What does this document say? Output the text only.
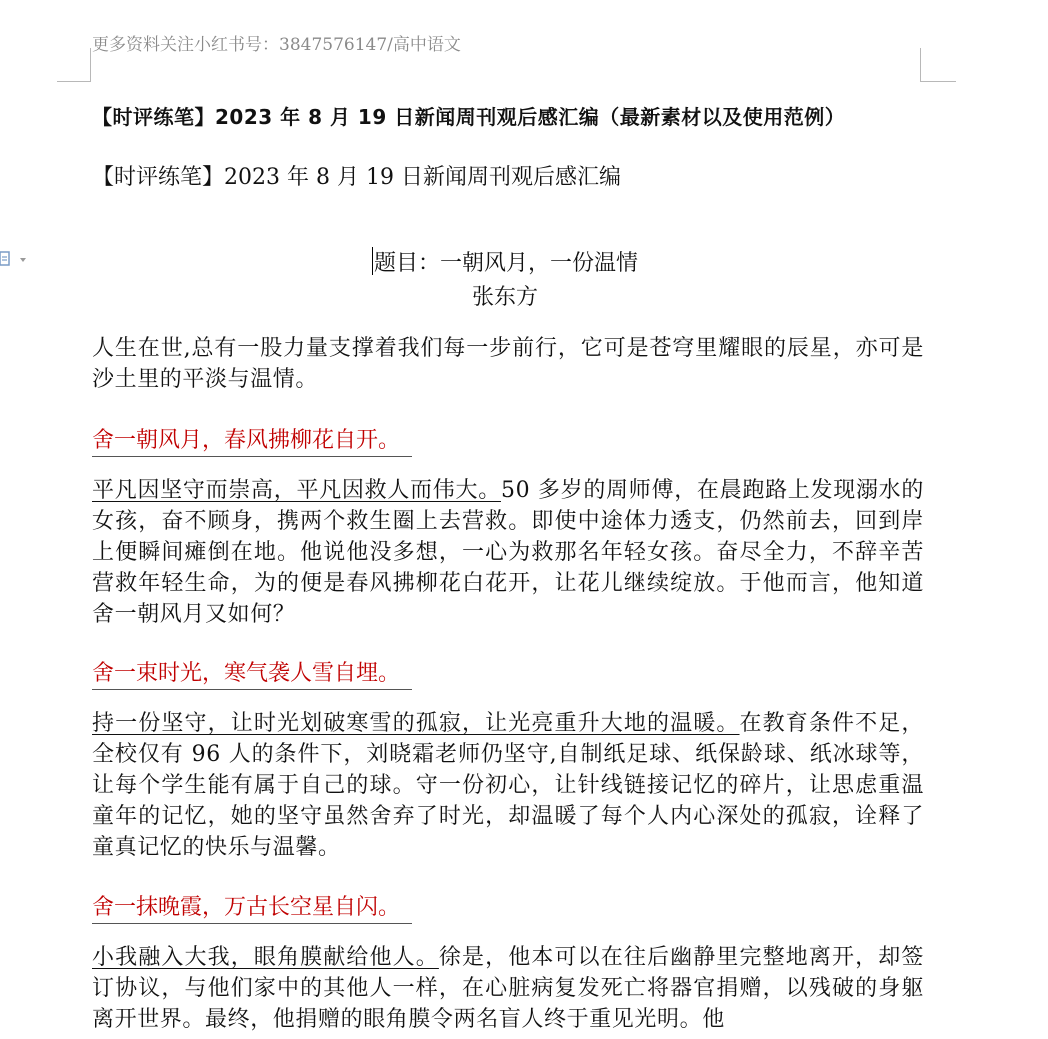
更多资料关注小红书号：3847576147/高中语文
【时评练笔】2023 年 8 月 19 日新闻周刊观后感汇编（最新素材以及使用范例）
【时评练笔】2023 年 8 月 19 日新闻周刊观后感汇编
题目：一朝风月，一份温情
张东方
人生在世,总有一股力量支撑着我们每一步前行，它可是苍穹里耀眼的辰星，亦可是沙土里的平淡与温情。
舍一朝风月，春风拂柳花自开。
平凡因坚守而崇高，平凡因救人而伟大。50 多岁的周师傅，在晨跑路上发现溺水的女孩，奋不顾身，携两个救生圈上去营救。即使中途体力透支，仍然前去，回到岸上便瞬间瘫倒在地。他说他没多想，一心为救那名年轻女孩。奋尽全力，不辞辛苦营救年轻生命，为的便是春风拂柳花白花开，让花儿继续绽放。于他而言，他知道舍一朝风月又如何？
舍一束时光，寒气袭人雪自埋。
持一份坚守，让时光划破寒雪的孤寂，让光亮重升大地的温暖。在教育条件不足，全校仅有 96 人的条件下，刘晓霜老师仍坚守,自制纸足球、纸保龄球、纸冰球等，让每个学生能有属于自己的球。守一份初心，让针线链接记忆的碎片，让思虑重温童年的记忆，她的坚守虽然舍弃了时光，却温暖了每个人内心深处的孤寂，诠释了童真记忆的快乐与温馨。
舍一抹晚霞，万古长空星自闪。
小我融入大我，眼角膜献给他人。徐是，他本可以在往后幽静里完整地离开，却签订协议，与他们家中的其他人一样，在心脏病复发死亡将器官捐赠，以残破的身躯离开世界。最终，他捐赠的眼角膜令两名盲人终于重见光明。他
